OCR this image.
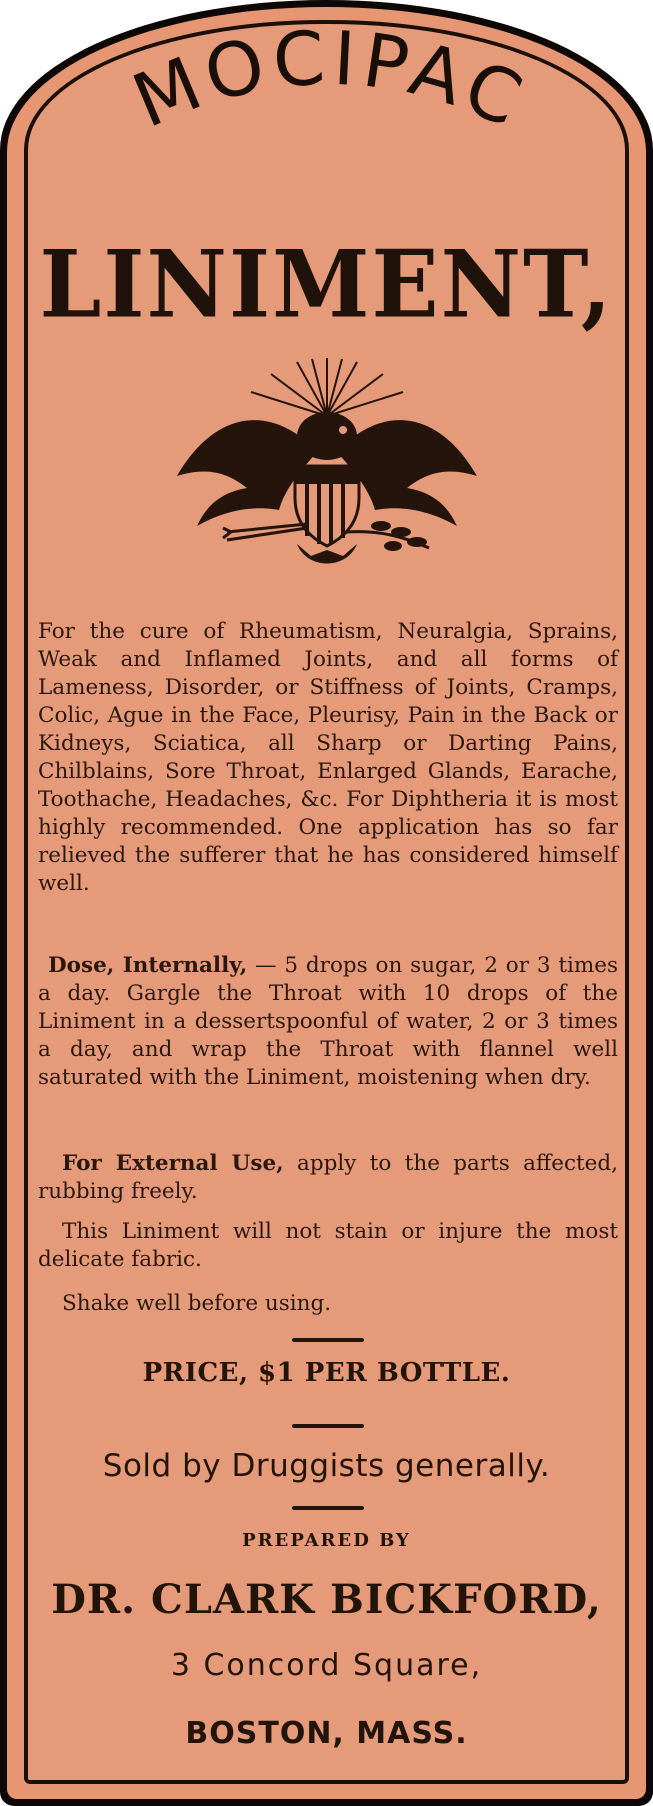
MOCIPAC
LINIMENT,
For the cure of Rheumatism, Neuralgia, Sprains, Weak and Inflamed Joints, and all forms of Lameness, Disorder, or Stiffness of Joints, Cramps, Colic, Ague in the Face, Pleurisy, Pain in the Back or Kidneys, Sciatica, all Sharp or Darting Pains, Chilblains, Sore Throat, Enlarged Glands, Earache, Toothache, Headaches, &c. For Diphtheria it is most highly recommended. One application has so far relieved the sufferer that he has considered himself well.
Dose, Internally, — 5 drops on sugar, 2 or 3 times a day. Gargle the Throat with 10 drops of the Liniment in a dessertspoonful of water, 2 or 3 times a day, and wrap the Throat with flannel well saturated with the Liniment, moistening when dry.
For External Use, apply to the parts affected, rubbing freely.
This Liniment will not stain or injure the most delicate fabric.
Shake well before using.
PRICE, $1 PER BOTTLE.
Sold by Druggists generally.
PREPARED BY
DR. CLARK BICKFORD,
3 Concord Square,
BOSTON, MASS.
